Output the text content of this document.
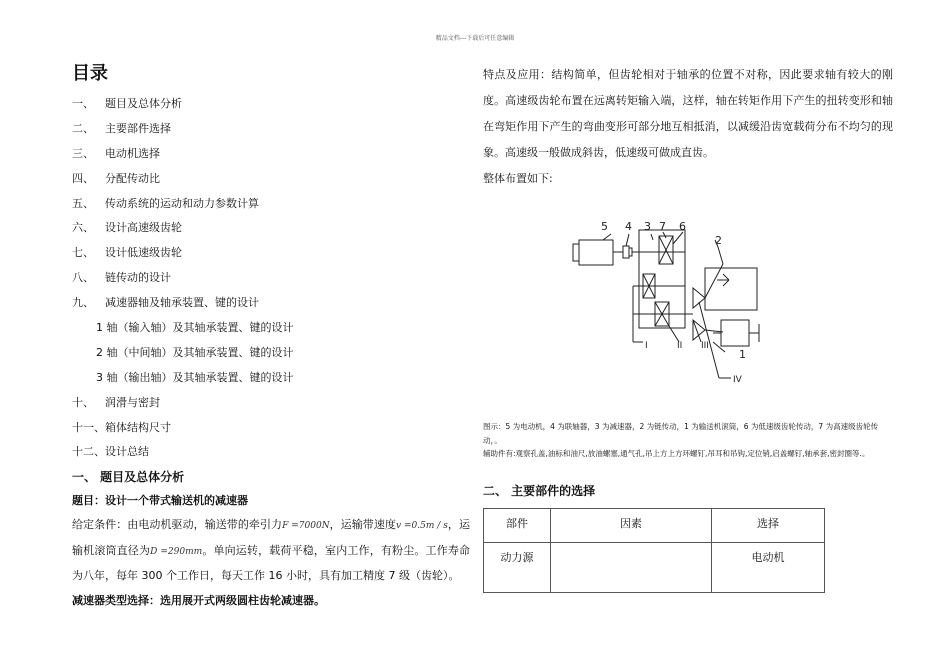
精品文档---下载后可任意编辑
目录
一、 题目及总体分析
二、 主要部件选择
三、 电动机选择
四、 分配传动比
五、 传动系统的运动和动力参数计算
六、 设计高速级齿轮
七、 设计低速级齿轮
八、 链传动的设计
九、 减速器轴及轴承装置、键的设计
1 轴（输入轴）及其轴承装置、键的设计
2 轴（中间轴）及其轴承装置、键的设计
3 轴（输出轴）及其轴承装置、键的设计
十、 润滑与密封
十一、箱体结构尺寸
十二、设计总结
一、 题目及总体分析
题目：设计一个带式输送机的减速器
给定条件：由电动机驱动，输送带的牵引力F =7000N，运输带速度v =0.5m / s，运输机滚筒直径为D =290mm。单向运转，载荷平稳，室内工作，有粉尘。工作寿命为八年，每年 300 个工作日，每天工作 16 小时，具有加工精度 7 级（齿轮）。
减速器类型选择：选用展开式两级圆柱齿轮减速器。

特点及应用：结构简单，但齿轮相对于轴承的位置不对称，因此要求轴有较大的刚度。高速级齿轮布置在远离转矩输入端，这样，轴在转矩作用下产生的扭转变形和轴在弯矩作用下产生的弯曲变形可部分地互相抵消，以减缓沿齿宽载荷分布不均匀的现象。高速级一般做成斜齿，低速级可做成直齿。

整体布置如下:

5 4 3 7 6
2
1
I	II III
IV

图示：5 为电动机，4 为联轴器，3 为减速器，2 为链传动，1 为输送机滚筒，6 为低速级齿轮传动，7 为高速级齿轮传动，。

辅助件有:观察孔盖,油标和油尺,放油螺塞,通气孔,吊上方上方环螺钉,吊耳和吊钩,定位销,启盖螺钉,轴承套,密封圈等.。

二、 主要部件的选择
部件	因素	选择
动力源		电动机
